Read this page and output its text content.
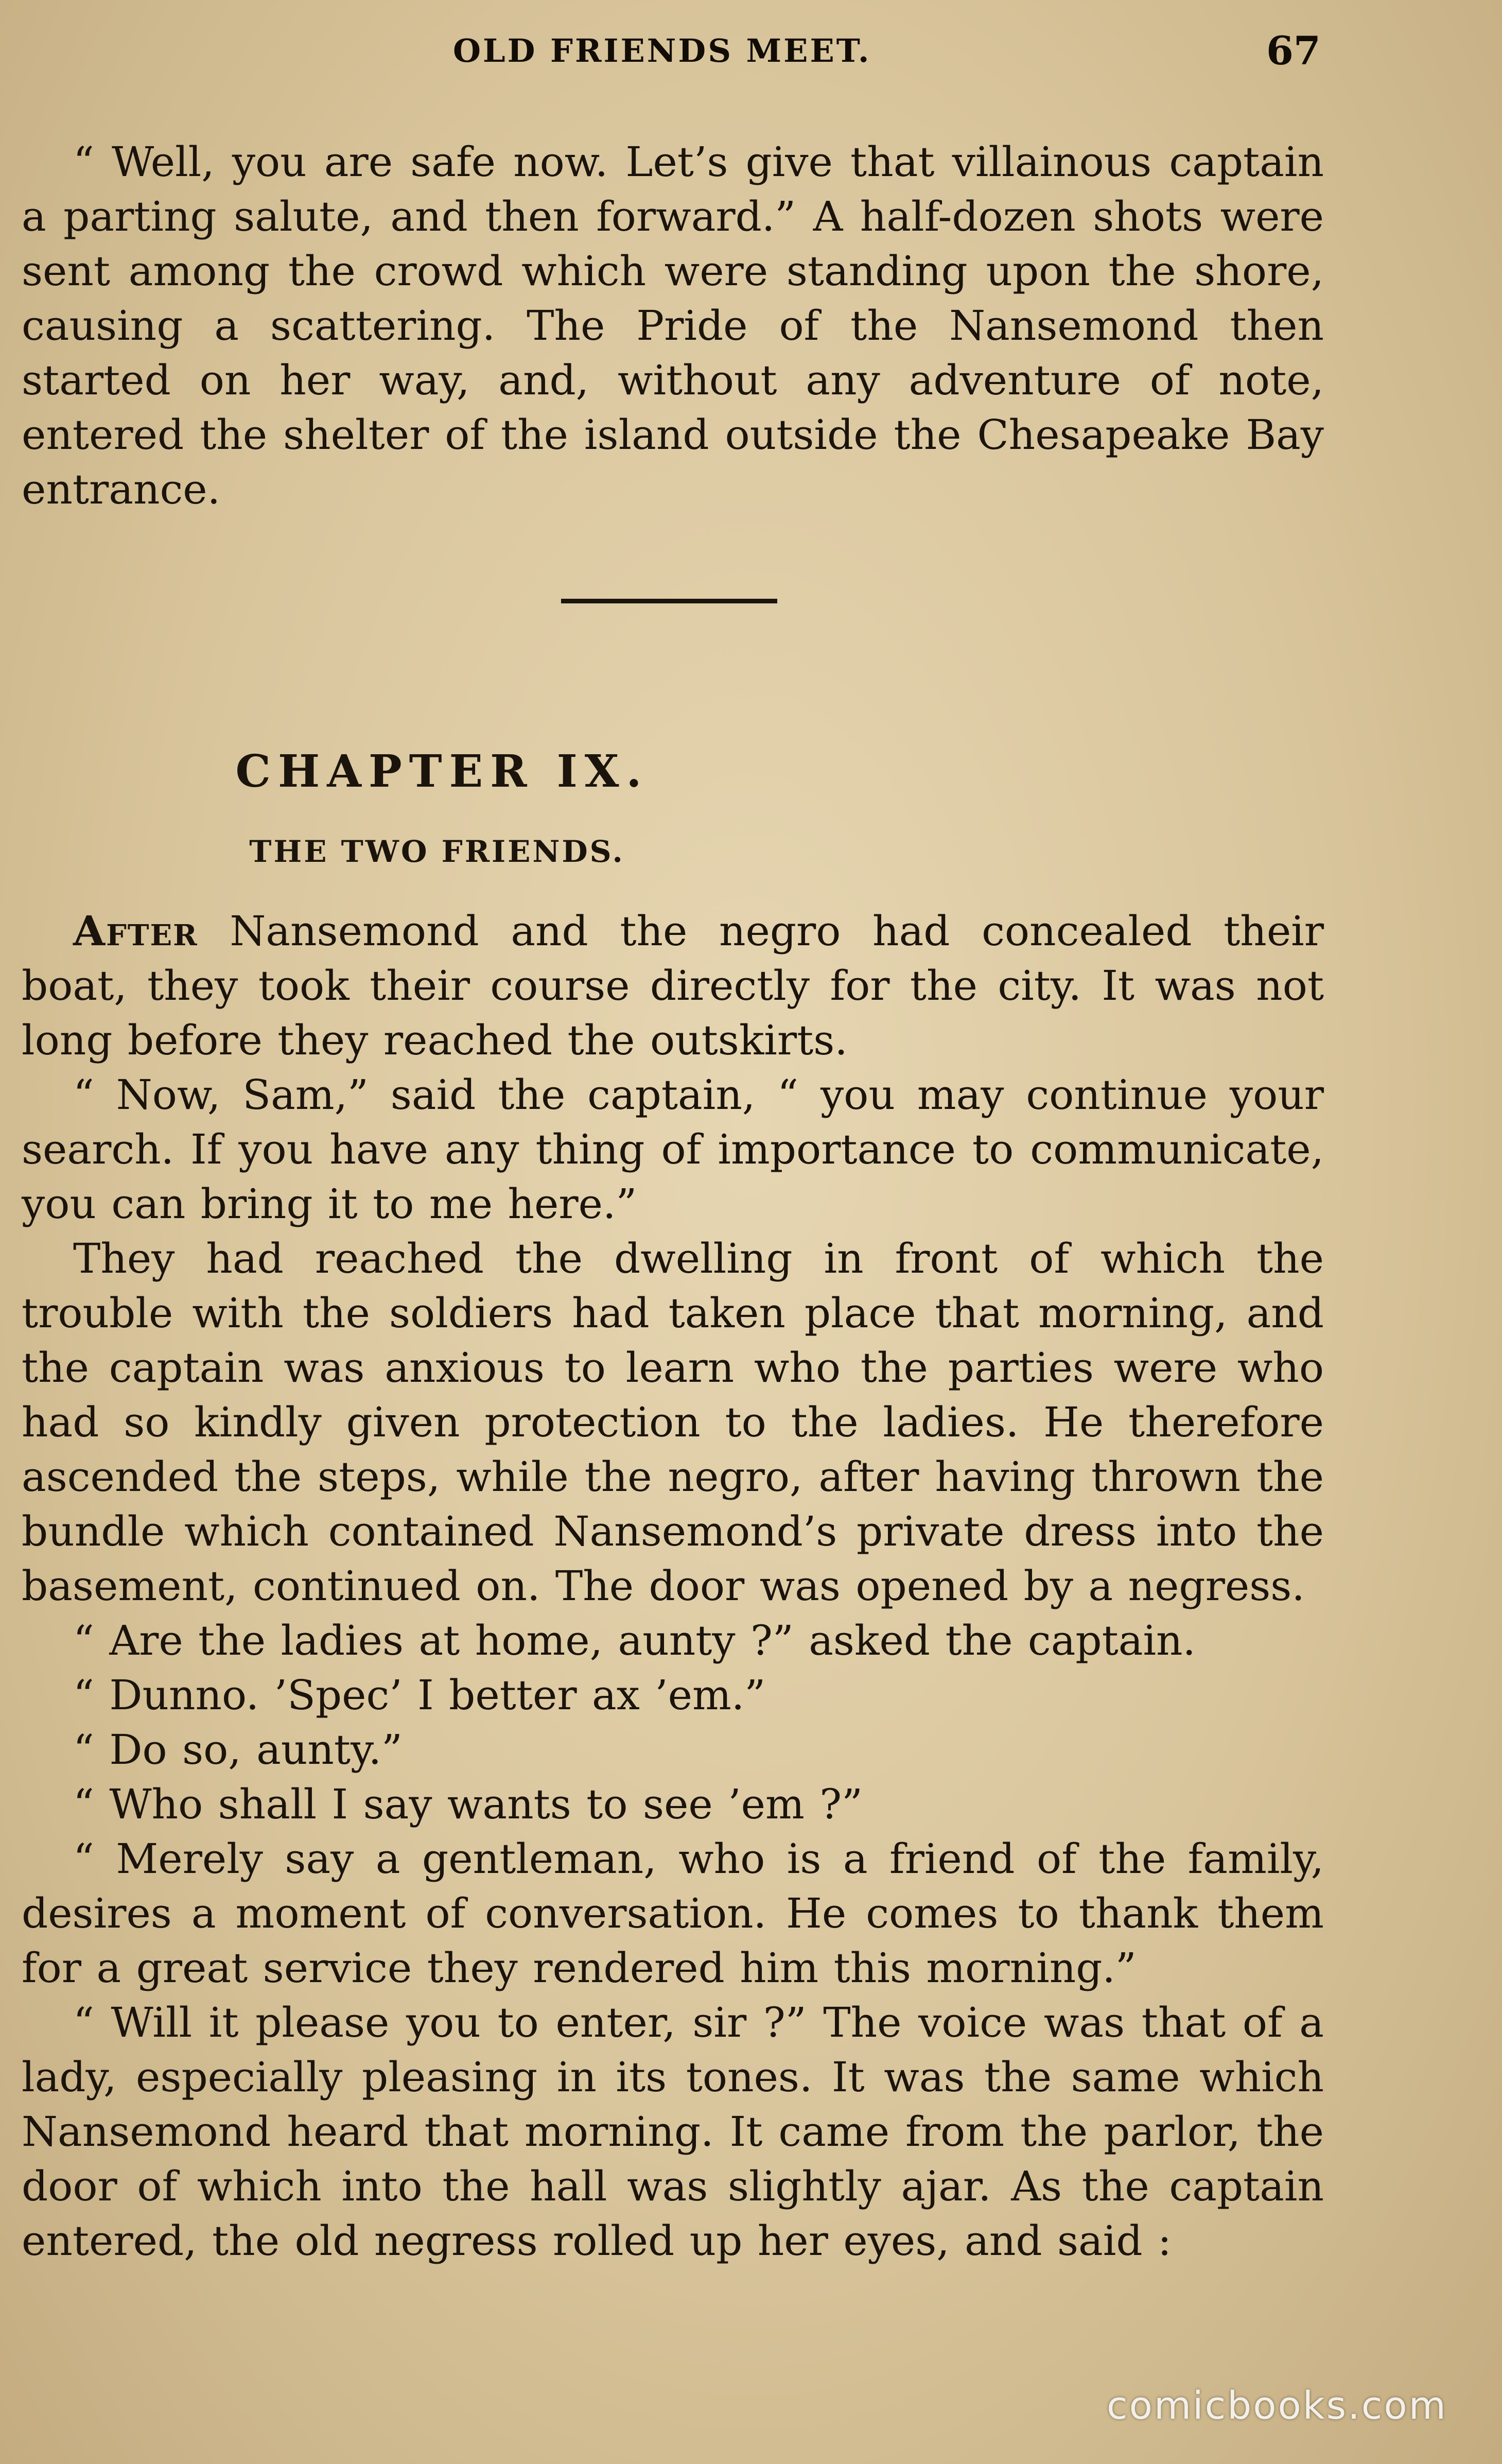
OLD FRIENDS MEET.	67

“ Well, you are safe now. Let’s give that villainous captain a parting salute, and then forward.” A half-dozen shots were sent among the crowd which were standing upon the shore, causing a scattering. The Pride of the Nansemond then started on her way, and, without any adventure of note, entered the shelter of the island outside the Chesapeake Bay entrance.

CHAPTER IX.
THE TWO FRIENDS.

After Nansemond and the negro had concealed their boat, they took their course directly for the city. It was not long before they reached the outskirts.

“ Now, Sam,” said the captain, “ you may continue your search. If you have any thing of importance to communicate, you can bring it to me here.”

They had reached the dwelling in front of which the trouble with the soldiers had taken place that morning, and the captain was anxious to learn who the parties were who had so kindly given protection to the ladies. He therefore ascended the steps, while the negro, after having thrown the bundle which contained Nansemond’s private dress into the basement, continued on. The door was opened by a negress.

“ Are the ladies at home, aunty ?” asked the captain.

“ Dunno. ’Spec’ I better ax ’em.”

“ Do so, aunty.”

“ Who shall I say wants to see ’em ?”

“ Merely say a gentleman, who is a friend of the family, desires a moment of conversation. He comes to thank them for a great service they rendered him this morning.”

“ Will it please you to enter, sir ?” The voice was that of a lady, especially pleasing in its tones. It was the same which Nansemond heard that morning. It came from the parlor, the door of which into the hall was slightly ajar. As the captain entered, the old negress rolled up her eyes, and said :

comicbooks.com
